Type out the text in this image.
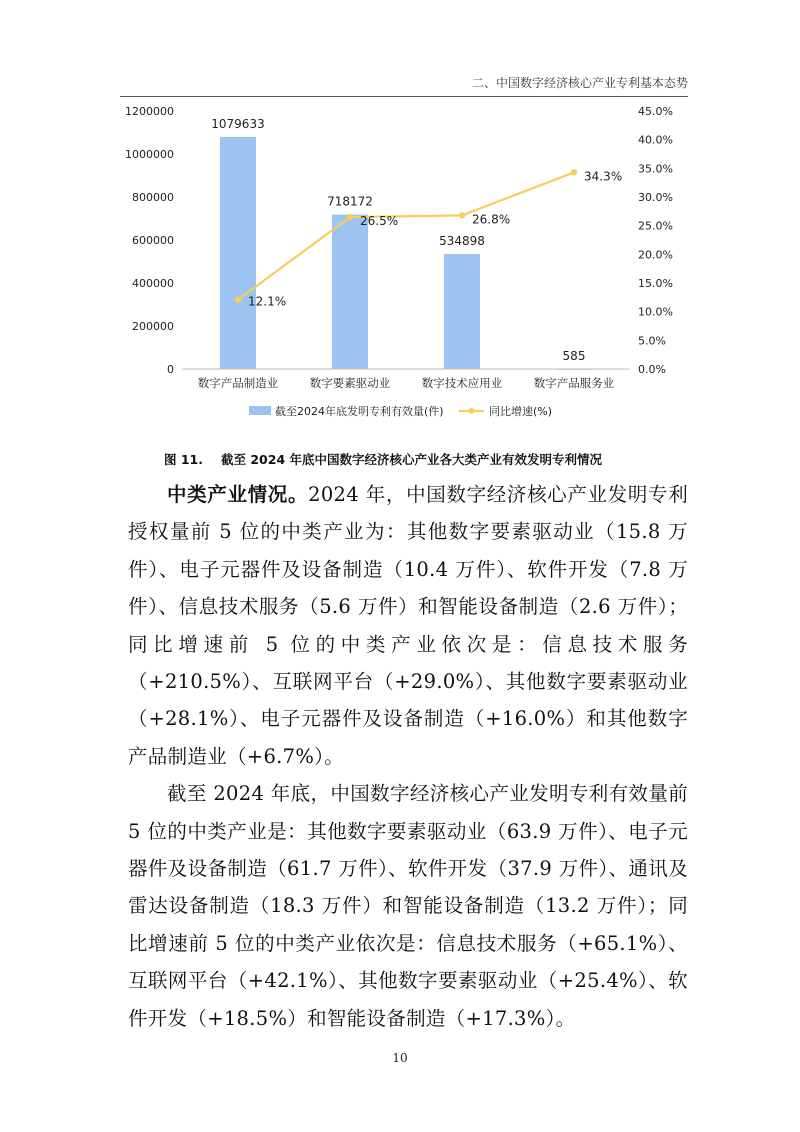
二、中国数字经济核心产业专利基本态势
0
200000
400000
600000
800000
1000000
1200000
0.0%
5.0%
10.0%
15.0%
20.0%
25.0%
30.0%
35.0%
40.0%
45.0%
1079633
718172
534898
585
数字产品制造业	数字要素驱动业	数字技术应用业	数字产品服务业
12.1%
26.5%	26.8%
34.3%
截至2024年底发明专利有效量(件)	同比增速(%)
图 11. 截至 2024 年底中国数字经济核心产业各大类产业有效发明专利情况

中类产业情况。2024 年，中国数字经济核心产业发明专利授权量前 5 位的中类产业为：其他数字要素驱动业（15.8 万件）、电子元器件及设备制造（10.4 万件）、软件开发（7.8 万件）、信息技术服务（5.6 万件）和智能设备制造（2.6 万件）；同比增速前 5 位的中类产业依次是：信息技术服务（+210.5%）、互联网平台（+29.0%）、其他数字要素驱动业（+28.1%）、电子元器件及设备制造（+16.0%）和其他数字产品制造业（+6.7%）。

截至 2024 年底，中国数字经济核心产业发明专利有效量前 5 位的中类产业是：其他数字要素驱动业（63.9 万件）、电子元器件及设备制造（61.7 万件）、软件开发（37.9 万件）、通讯及雷达设备制造（18.3 万件）和智能设备制造（13.2 万件）；同比增速前 5 位的中类产业依次是：信息技术服务（+65.1%）、互联网平台（+42.1%）、其他数字要素驱动业（+25.4%）、软件开发（+18.5%）和智能设备制造（+17.3%）。

10
